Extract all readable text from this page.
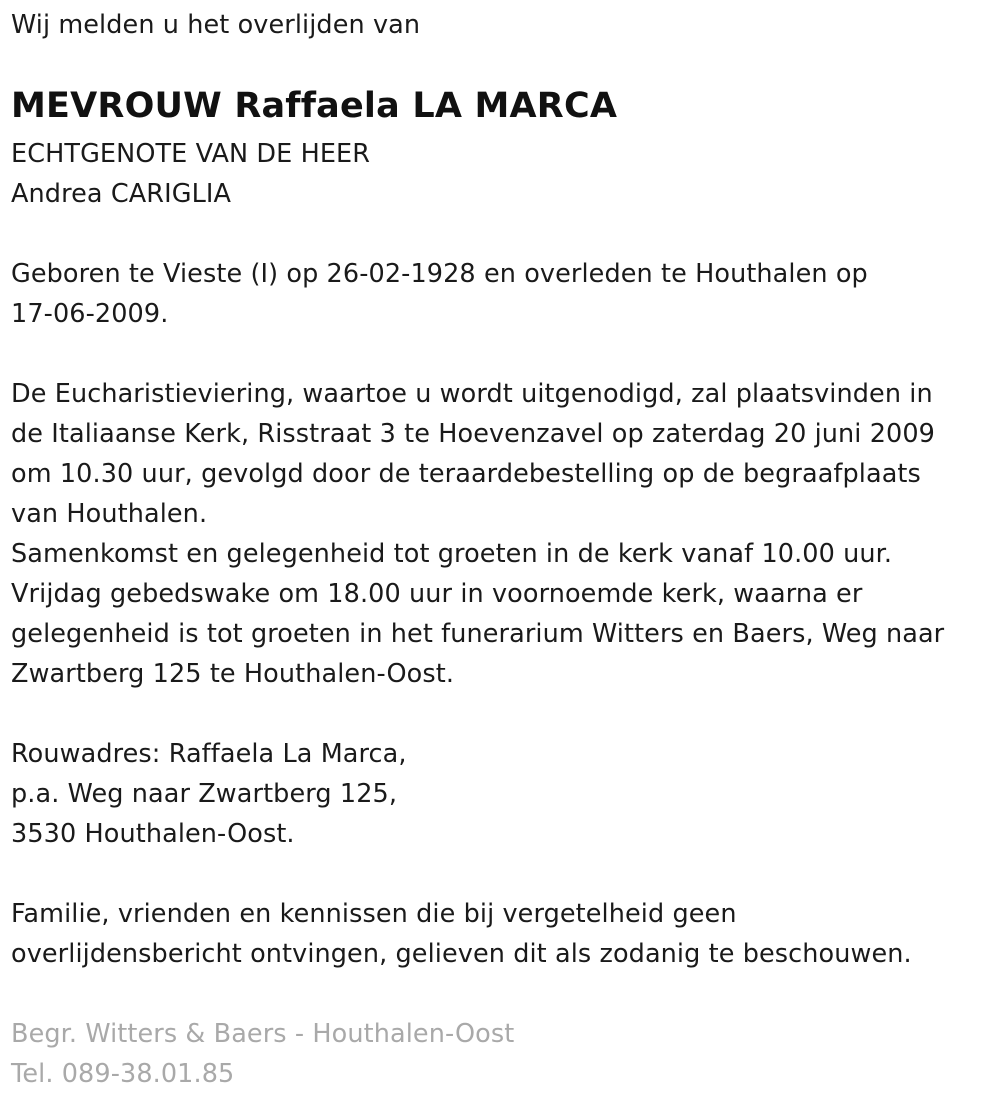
Wij melden u het overlijden van

MEVROUW Raffaela LA MARCA

ECHTGENOTE VAN DE HEER

Andrea CARIGLIA

Geboren te Vieste (I) op 26-02-1928 en overleden te Houthalen op

17-06-2009.

De Eucharistieviering, waartoe u wordt uitgenodigd, zal plaatsvinden in

de Italiaanse Kerk, Risstraat 3 te Hoevenzavel op zaterdag 20 juni 2009

om 10.30 uur, gevolgd door de teraardebestelling op de begraafplaats

van Houthalen.

Samenkomst en gelegenheid tot groeten in de kerk vanaf 10.00 uur.

Vrijdag gebedswake om 18.00 uur in voornoemde kerk, waarna er

gelegenheid is tot groeten in het funerarium Witters en Baers, Weg naar

Zwartberg 125 te Houthalen-Oost.

Rouwadres: Raffaela La Marca,

p.a. Weg naar Zwartberg 125,

3530 Houthalen-Oost.

Familie, vrienden en kennissen die bij vergetelheid geen

overlijdensbericht ontvingen, gelieven dit als zodanig te beschouwen.

Begr. Witters & Baers - Houthalen-Oost

Tel. 089-38.01.85
